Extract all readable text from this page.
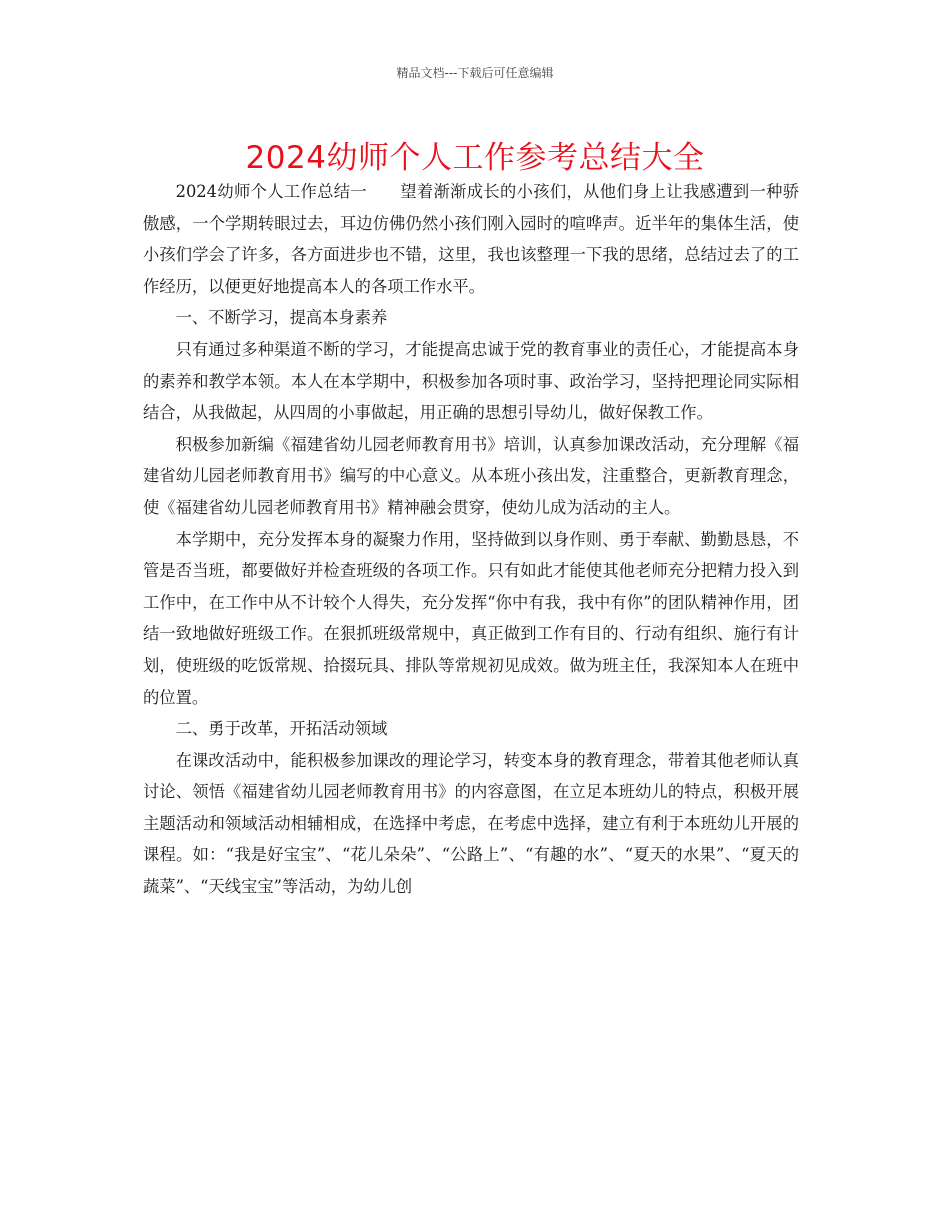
精品文档---下载后可任意编辑
2024幼师个人工作参考总结大全

2024幼师个人工作总结一　　望着渐渐成长的小孩们，从他们身上让我感遭到一种骄傲感，一个学期转眼过去，耳边仿佛仍然小孩们刚入园时的喧哗声。近半年的集体生活，使小孩们学会了许多，各方面进步也不错，这里，我也该整理一下我的思绪，总结过去了的工作经历，以便更好地提高本人的各项工作水平。

一、不断学习，提高本身素养

只有通过多种渠道不断的学习，才能提高忠诚于党的教育事业的责任心，才能提高本身的素养和教学本领。本人在本学期中，积极参加各项时事、政治学习，坚持把理论同实际相结合，从我做起，从四周的小事做起，用正确的思想引导幼儿，做好保教工作。

积极参加新编《福建省幼儿园老师教育用书》培训，认真参加课改活动，充分理解《福建省幼儿园老师教育用书》编写的中心意义。从本班小孩出发，注重整合，更新教育理念，使《福建省幼儿园老师教育用书》精神融会贯穿，使幼儿成为活动的主人。

本学期中，充分发挥本身的凝聚力作用，坚持做到以身作则、勇于奉献、勤勤恳恳，不管是否当班，都要做好并检查班级的各项工作。只有如此才能使其他老师充分把精力投入到工作中，在工作中从不计较个人得失，充分发挥“你中有我，我中有你”的团队精神作用，团结一致地做好班级工作。在狠抓班级常规中，真正做到工作有目的、行动有组织、施行有计划，使班级的吃饭常规、拾掇玩具、排队等常规初见成效。做为班主任，我深知本人在班中的位置。

二、勇于改革，开拓活动领域

在课改活动中，能积极参加课改的理论学习，转变本身的教育理念，带着其他老师认真讨论、领悟《福建省幼儿园老师教育用书》的内容意图，在立足本班幼儿的特点，积极开展主题活动和领域活动相辅相成，在选择中考虑，在考虑中选择，建立有利于本班幼儿开展的课程。如：“我是好宝宝”、“花儿朵朵”、“公路上”、“有趣的水”、“夏天的水果”、“夏天的蔬菜”、“天线宝宝”等活动，为幼儿创
